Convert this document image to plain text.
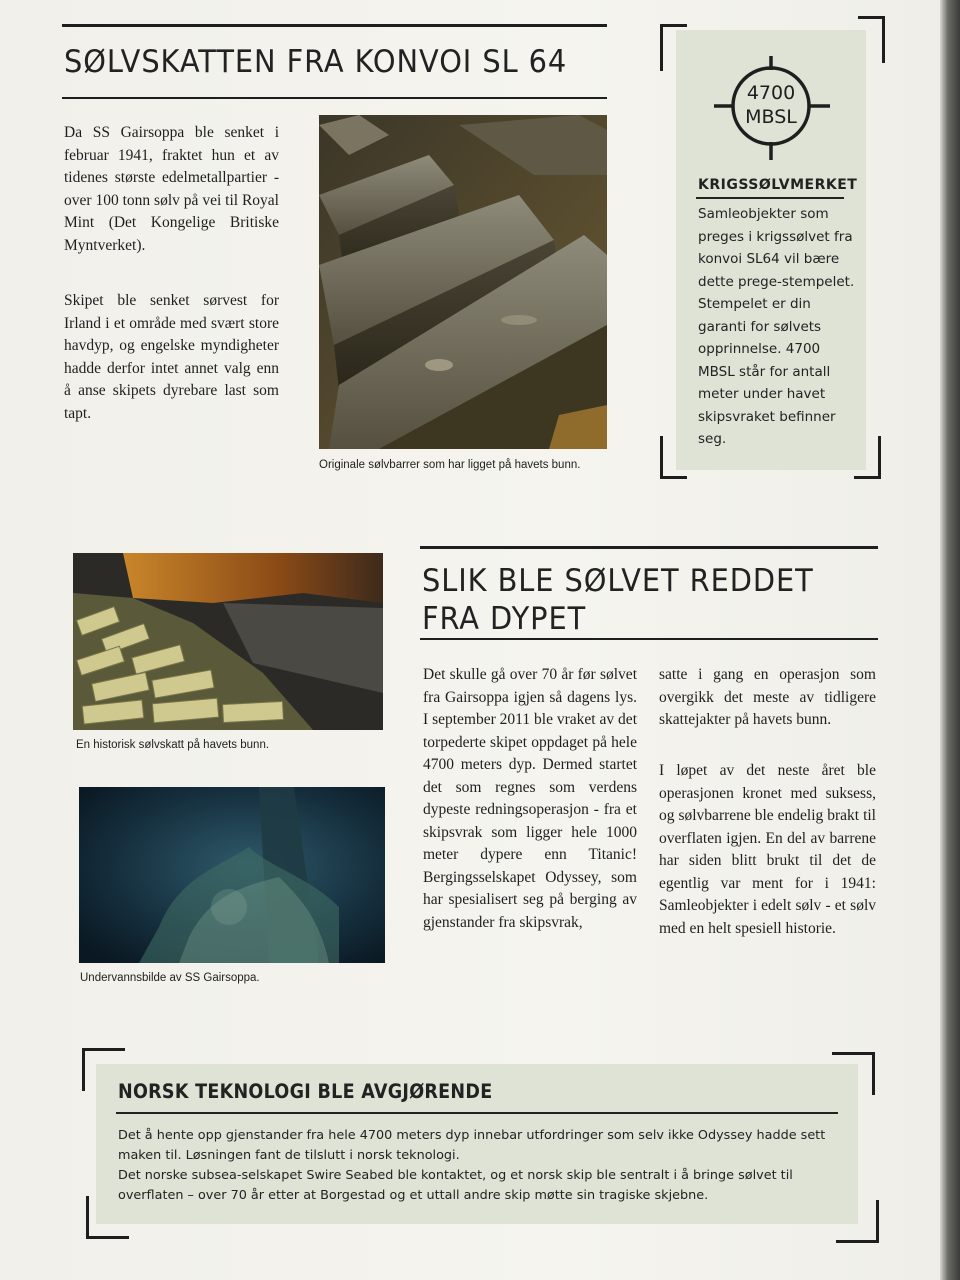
SØLVSKATTEN FRA KONVOI SL 64

Da SS Gairsoppa ble senket i februar 1941, fraktet hun et av tidenes største edelmetallpartier - over 100 tonn sølv på vei til Royal Mint (Det Kongelige Britiske Myntverket).

Skipet ble senket sørvest for Irland i et område med svært store havdyp, og engelske myndigheter hadde derfor intet annet valg enn å anse skipets dyrebare last som tapt.

Originale sølvbarrer som har ligget på havets bunn.

4700
MBSL
KRIGSSØLVMERKET

Samleobjekter som preges i krigssølvet fra konvoi SL64 vil bære dette prege-stempelet. Stempelet er din garanti for sølvets opprinnelse. 4700 MBSL står for antall meter under havet skipsvraket befinner seg.

En historisk sølvskatt på havets bunn.

Undervannsbilde av SS Gairsoppa.

SLIK BLE SØLVET REDDET
FRA DYPET

Det skulle gå over 70 år før sølvet fra Gairsoppa igjen så dagens lys. I september 2011 ble vraket av det torpederte skipet oppdaget på hele 4700 meters dyp. Dermed startet det som regnes som verdens dypeste redningsoperasjon - fra et skipsvrak som ligger hele 1000 meter dypere enn Titanic! Bergingsselskapet Odyssey, som har spesialisert seg på berging av gjenstander fra skipsvrak,

satte i gang en operasjon som overgikk det meste av tidligere skattejakter på havets bunn.

I løpet av det neste året ble operasjonen kronet med suksess, og sølvbarrene ble endelig brakt til overflaten igjen. En del av barrene har siden blitt brukt til det de egentlig var ment for i 1941: Samleobjekter i edelt sølv - et sølv med en helt spesiell historie.

NORSK TEKNOLOGI BLE AVGJØRENDE
Det å hente opp gjenstander fra hele 4700 meters dyp innebar utfordringer som selv ikke Odyssey hadde sett maken til. Løsningen fant de tilslutt i norsk teknologi.
Det norske subsea-selskapet Swire Seabed ble kontaktet, og et norsk skip ble sentralt i å bringe sølvet til overflaten – over 70 år etter at Borgestad og et uttall andre skip møtte sin tragiske skjebne.
